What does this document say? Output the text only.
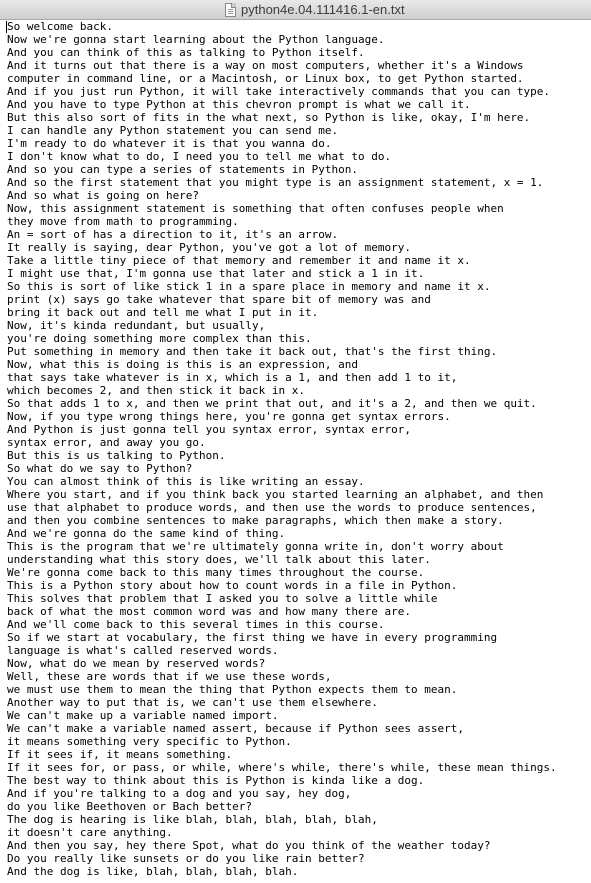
python4e.04.111416.1-en.txt
So welcome back.
Now we're gonna start learning about the Python language.
And you can think of this as talking to Python itself.
And it turns out that there is a way on most computers, whether it's a Windows
computer in command line, or a Macintosh, or Linux box, to get Python started.
And if you just run Python, it will take interactively commands that you can type.
And you have to type Python at this chevron prompt is what we call it.
But this also sort of fits in the what next, so Python is like, okay, I'm here.
I can handle any Python statement you can send me.
I'm ready to do whatever it is that you wanna do.
I don't know what to do, I need you to tell me what to do.
And so you can type a series of statements in Python.
And so the first statement that you might type is an assignment statement, x = 1.
And so what is going on here?
Now, this assignment statement is something that often confuses people when
they move from math to programming.
An = sort of has a direction to it, it's an arrow.
It really is saying, dear Python, you've got a lot of memory.
Take a little tiny piece of that memory and remember it and name it x.
I might use that, I'm gonna use that later and stick a 1 in it.
So this is sort of like stick 1 in a spare place in memory and name it x.
print (x) says go take whatever that spare bit of memory was and
bring it back out and tell me what I put in it.
Now, it's kinda redundant, but usually,
you're doing something more complex than this.
Put something in memory and then take it back out, that's the first thing.
Now, what this is doing is this is an expression, and
that says take whatever is in x, which is a 1, and then add 1 to it,
which becomes 2, and then stick it back in x.
So that adds 1 to x, and then we print that out, and it's a 2, and then we quit.
Now, if you type wrong things here, you're gonna get syntax errors.
And Python is just gonna tell you syntax error, syntax error,
syntax error, and away you go.
But this is us talking to Python.
So what do we say to Python?
You can almost think of this is like writing an essay.
Where you start, and if you think back you started learning an alphabet, and then
use that alphabet to produce words, and then use the words to produce sentences,
and then you combine sentences to make paragraphs, which then make a story.
And we're gonna do the same kind of thing.
This is the program that we're ultimately gonna write in, don't worry about
understanding what this story does, we'll talk about this later.
We're gonna come back to this many times throughout the course.
This is a Python story about how to count words in a file in Python.
This solves that problem that I asked you to solve a little while
back of what the most common word was and how many there are.
And we'll come back to this several times in this course.
So if we start at vocabulary, the first thing we have in every programming
language is what's called reserved words.
Now, what do we mean by reserved words?
Well, these are words that if we use these words,
we must use them to mean the thing that Python expects them to mean.
Another way to put that is, we can't use them elsewhere.
We can't make up a variable named import.
We can't make a variable named assert, because if Python sees assert,
it means something very specific to Python.
If it sees if, it means something.
If it sees for, or pass, or while, where's while, there's while, these mean things.
The best way to think about this is Python is kinda like a dog.
And if you're talking to a dog and you say, hey dog,
do you like Beethoven or Bach better?
The dog is hearing is like blah, blah, blah, blah, blah,
it doesn't care anything.
And then you say, hey there Spot, what do you think of the weather today?
Do you really like sunsets or do you like rain better?
And the dog is like, blah, blah, blah, blah.
